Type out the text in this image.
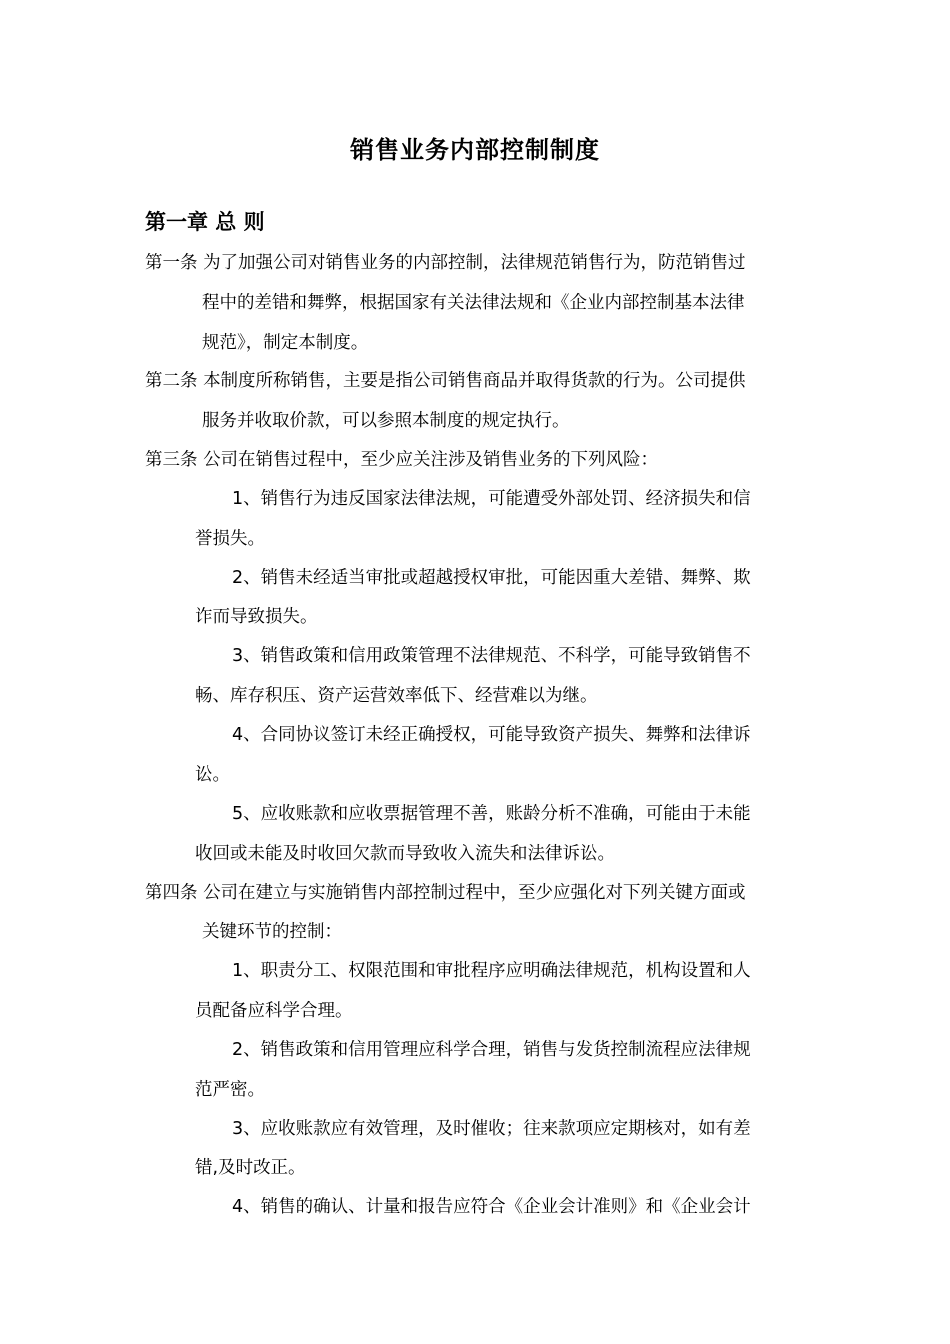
销售业务内部控制制度
第一章 总 则
第一条 为了加强公司对销售业务的内部控制，法律规范销售行为，防范销售过
程中的差错和舞弊，根据国家有关法律法规和《企业内部控制基本法律
规范》，制定本制度。
第二条 本制度所称销售，主要是指公司销售商品并取得货款的行为。公司提供
服务并收取价款，可以参照本制度的规定执行。
第三条 公司在销售过程中，至少应关注涉及销售业务的下列风险：
1、销售行为违反国家法律法规，可能遭受外部处罚、经济损失和信
誉损失。
2、销售未经适当审批或超越授权审批，可能因重大差错、舞弊、欺
诈而导致损失。
3、销售政策和信用政策管理不法律规范、不科学，可能导致销售不
畅、库存积压、资产运营效率低下、经营难以为继。
4、合同协议签订未经正确授权，可能导致资产损失、舞弊和法律诉
讼。
5、应收账款和应收票据管理不善，账龄分析不准确，可能由于未能
收回或未能及时收回欠款而导致收入流失和法律诉讼。
第四条 公司在建立与实施销售内部控制过程中，至少应强化对下列关键方面或
关键环节的控制：
1、职责分工、权限范围和审批程序应明确法律规范，机构设置和人
员配备应科学合理。
2、销售政策和信用管理应科学合理，销售与发货控制流程应法律规
范严密。
3、应收账款应有效管理，及时催收；往来款项应定期核对，如有差
错,及时改正。
4、销售的确认、计量和报告应符合《企业会计准则》和《企业会计
